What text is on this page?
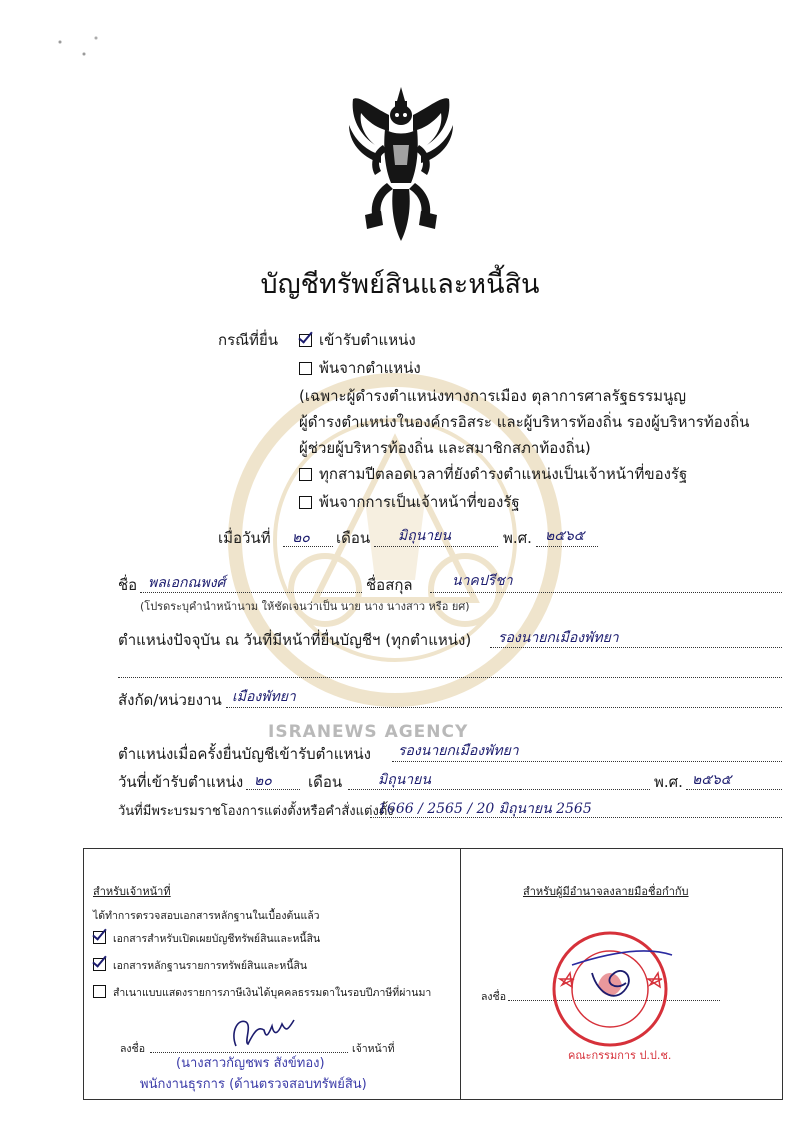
ISRANEWS AGENCY
บัญชีทรัพย์สินและหนี้สิน
กรณีที่ยื่น	เข้ารับตำแหน่ง
พ้นจากตำแหน่ง
(เฉพาะผู้ดำรงตำแหน่งทางการเมือง ตุลาการศาลรัฐธรรมนูญ
ผู้ดำรงตำแหน่งในองค์กรอิสระ และผู้บริหารท้องถิ่น รองผู้บริหารท้องถิ่น
ผู้ช่วยผู้บริหารท้องถิ่น และสมาชิกสภาท้องถิ่น)
ทุกสามปีตลอดเวลาที่ยังดำรงตำแหน่งเป็นเจ้าหน้าที่ของรัฐ
พ้นจากการเป็นเจ้าหน้าที่ของรัฐ
เมื่อวันที่ ๒๐ เดือน มิถุนายน	พ.ศ. ๒๕๖๕
ชื่อ พลเอกณพงศ์	ชื่อสกุล	นาคปรีชา
(โปรดระบุคำนำหน้านาม ให้ชัดเจนว่าเป็น นาย นาง นางสาว หรือ ยศ)
ตำแหน่งปัจจุบัน ณ วันที่มีหน้าที่ยื่นบัญชีฯ (ทุกตำแหน่ง) รองนายกเมืองพัทยา
สังกัด/หน่วยงาน เมืองพัทยา
ตำแหน่งเมื่อครั้งยื่นบัญชีเข้ารับตำแหน่ง รองนายกเมืองพัทยา
วันที่เข้ารับตำแหน่ง ๒๐ เดือน	มิถุนายน	พ.ศ. ๒๕๖๕
วันที่มีพระบรมราชโองการแต่งตั้งหรือคำสั่งแต่งตั้ง
1666 / 2565 / 20 มิถุนายน 2565
สำหรับเจ้าหน้าที่
ได้ทำการตรวจสอบเอกสารหลักฐานในเบื้องต้นแล้ว
เอกสารสำหรับเปิดเผยบัญชีทรัพย์สินและหนี้สิน
เอกสารหลักฐานรายการทรัพย์สินและหนี้สิน
สำเนาแบบแสดงรายการภาษีเงินได้บุคคลธรรมดาในรอบปีภาษีที่ผ่านมา
ลงชื่อ	เจ้าหน้าที่
(นางสาวกัญชพร สังข์ทอง)
พนักงานธุรการ (ด้านตรวจสอบทรัพย์สิน)
สำหรับผู้มีอำนาจลงลายมือชื่อกำกับ
ลงชื่อ
คณะกรรมการ ป.ป.ช.
